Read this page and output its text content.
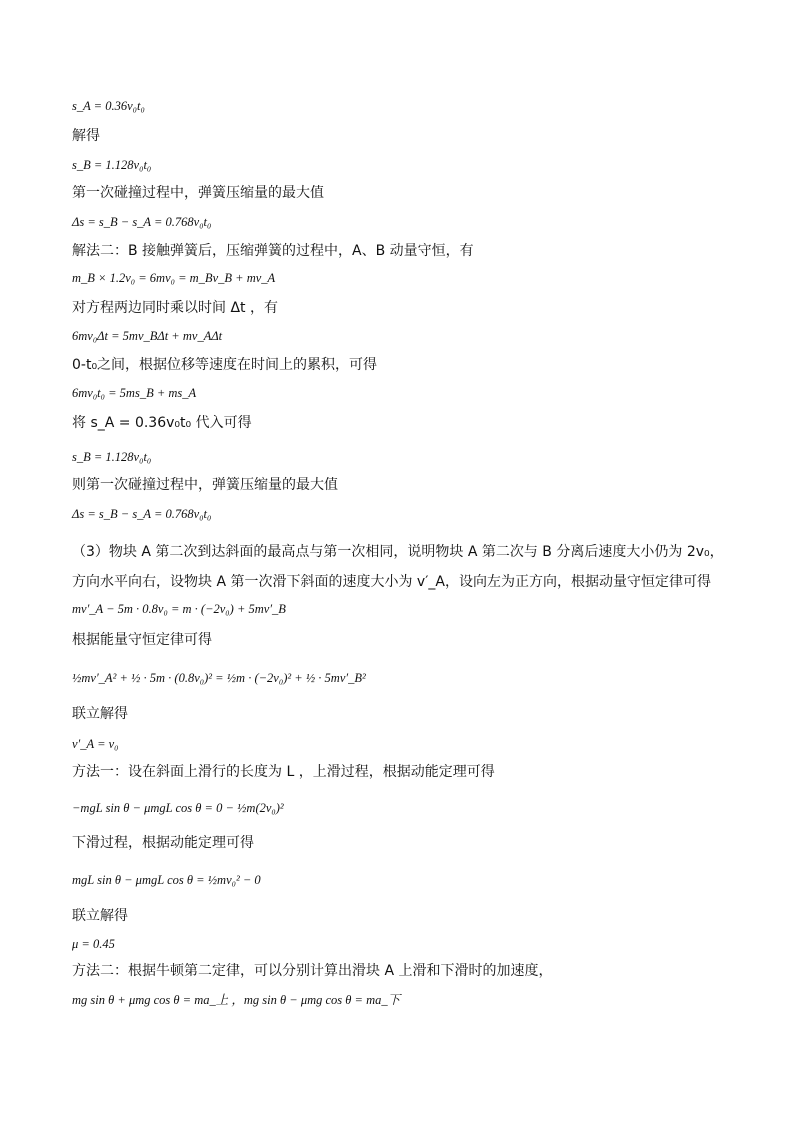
s_A = 0.36v₀t₀
解得
s_B = 1.128v₀t₀
第一次碰撞过程中，弹簧压缩量的最大值
Δs = s_B − s_A = 0.768v₀t₀
解法二：B 接触弹簧后，压缩弹簧的过程中，A、B 动量守恒，有
m_B × 1.2v₀ = 6mv₀ = m_Bv_B + mv_A
对方程两边同时乘以时间 Δt ，有
6mv₀Δt = 5mv_BΔt + mv_AΔt
0-t₀之间，根据位移等速度在时间上的累积，可得
6mv₀t₀ = 5ms_B + ms_A
将 s_A = 0.36v₀t₀ 代入可得
s_B = 1.128v₀t₀
则第一次碰撞过程中，弹簧压缩量的最大值
Δs = s_B − s_A = 0.768v₀t₀
（3）物块 A 第二次到达斜面的最高点与第一次相同，说明物块 A 第二次与 B 分离后速度大小仍为 2v₀，方向水平向右，设物块 A 第一次滑下斜面的速度大小为 v′_A，设向左为正方向，根据动量守恒定律可得
mv′_A − 5m · 0.8v₀ = m · (−2v₀) + 5mv′_B
根据能量守恒定律可得
½mv′_A² + ½ · 5m · (0.8v₀)² = ½m · (−2v₀)² + ½ · 5mv′_B²
联立解得
v′_A = v₀
方法一：设在斜面上滑行的长度为 L ，上滑过程，根据动能定理可得
−mgL sin θ − μmgL cos θ = 0 − ½m(2v₀)²
下滑过程，根据动能定理可得
mgL sin θ − μmgL cos θ = ½mv₀² − 0
联立解得
μ = 0.45
方法二：根据牛顿第二定律，可以分别计算出滑块 A 上滑和下滑时的加速度，
mg sin θ + μmg cos θ = ma_上 ，mg sin θ − μmg cos θ = ma_下
